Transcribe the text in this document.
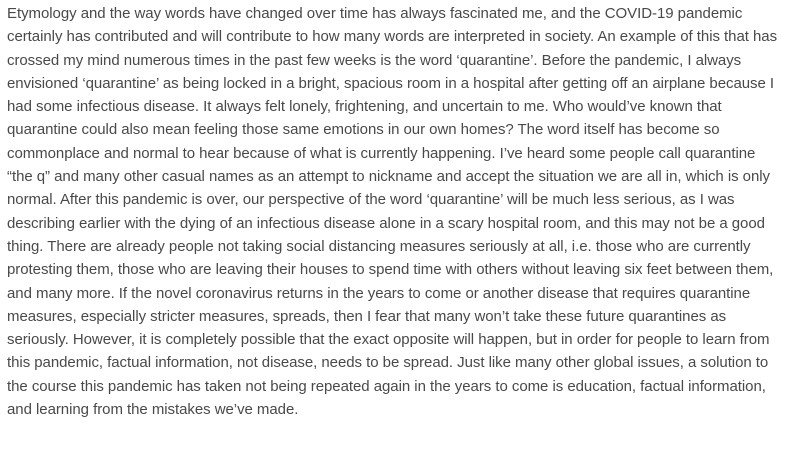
Etymology and the way words have changed over time has always fascinated me, and the COVID-19 pandemic certainly has contributed and will contribute to how many words are interpreted in society. An example of this that has crossed my mind numerous times in the past few weeks is the word ‘quarantine’. Before the pandemic, I always envisioned ‘quarantine’ as being locked in a bright, spacious room in a hospital after getting off an airplane because I had some infectious disease. It always felt lonely, frightening, and uncertain to me. Who would’ve known that quarantine could also mean feeling those same emotions in our own homes? The word itself has become so commonplace and normal to hear because of what is currently happening. I’ve heard some people call quarantine “the q” and many other casual names as an attempt to nickname and accept the situation we are all in, which is only normal. After this pandemic is over, our perspective of the word ‘quarantine’ will be much less serious, as I was describing earlier with the dying of an infectious disease alone in a scary hospital room, and this may not be a good thing. There are already people not taking social distancing measures seriously at all, i.e. those who are currently protesting them, those who are leaving their houses to spend time with others without leaving six feet between them, and many more. If the novel coronavirus returns in the years to come or another disease that requires quarantine measures, especially stricter measures, spreads, then I fear that many won’t take these future quarantines as seriously. However, it is completely possible that the exact opposite will happen, but in order for people to learn from this pandemic, factual information, not disease, needs to be spread. Just like many other global issues, a solution to the course this pandemic has taken not being repeated again in the years to come is education, factual information, and learning from the mistakes we’ve made.
